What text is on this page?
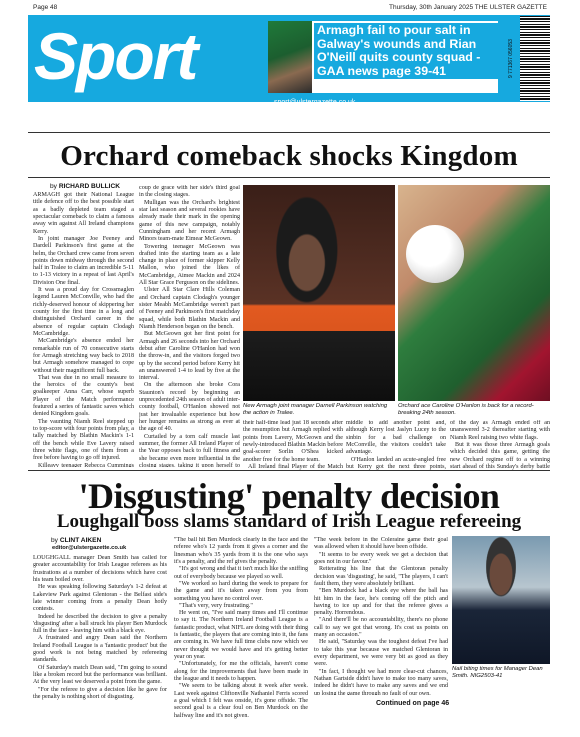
Page 48	Thursday, 30th January 2025 THE ULSTER GAZETTE
Sport	Armagh fail to pour salt in Galway's wounds and Rian O'Neill quits county squad - GAA news page 39-41
sport@ulstergazette.co.uk
9 771367 056053
Orchard comeback shocks Kingdom
by RICHARD BULLICK

ARMAGH got their National League title defence off to the best possible start as a badly depleted team staged a spectacular comeback to claim a famous away win against All Ireland champions Kerry.

In joint manager Joe Feeney and Dardell Parkinson's first game at the helm, the Orchard crew came from seven points down midway through the second half in Tralee to claim an incredible 5-11 to 1-13 victory in a repeat of last April's Division One final.

It was a proud day for Crossmaglen legend Lauren McConville, who had the richly-deserved honour of skippering her county for the first time in a long and distinguished Orchard career in the absence of regular captain Clodagh McCambridge.

McCambridge's absence ended her remarkable run of 70 consecutive starts for Armagh stretching way back to 2018 but Armagh somehow managed to cope without their magnificent full back.

That was due in no small measure to the heroics of the county's best goalkeeper Anna Carr, whose superb Player of the Match performance featured a series of fantastic saves which denied Kingdom goals.

The vaunting Niamh Reel stepped up to top-score with four points from play, a tally matched by Blathin Mackin's 1-1 off the bench while Eve Lavery raised three white flags, one of them from a free before having to go off injured.

Killeavy teenager Rebecca Cummings

coup de grace with her side's third goal in the closing stages.

Mulligan was the Orchard's brightest star last season and several rookies have already made their mark in the opening game of this new campaign, notably Cunningham and her recent Armagh Minors team-mate Eimear McGeown.

Towering teenager McGeown was drafted into the starting team as a late change in place of former skipper Kelly Mallon, who joined the likes of McCambridge, Aimee Mackin and 2024 All Star Grace Ferguson on the sidelines.

Ulster All Star Clare Hills Coleman and Orchard captain Clodagh's younger sister Meabh McCambridge weren't part of Feeney and Parkinson's first matchday squad, while both Blathin Mackin and Niamh Henderson began on the bench.

But McGeown got her first point for Armagh and 26 seconds into her Orchard debut after Caroline O'Hanlon had won the throw-in, and the visitors forged two up by the second period before Kerry hit an unanswered 1-4 to lead by five at the interval.

On the afternoon she broke Cora Staunton's record by beginning an unprecedented 24th season of adult inter-county football, O'Hanlon showed not just her invaluable experience but how her hunger remains as strong as ever at the age of 40.

Curtailed by a torn calf muscle last summer, the former All Ireland Player of the Year opposes back to full fitness and she became even more influential in the closing stages, taking it upon herself to

New Armagh joint manager Darnell Parkinson watching the action in Tralee.
Orchard ace Caroline O'Hanlon is back for a record-breaking 24th season.

their half-time lead just 18 seconds after the resumption but Armagh replied with points from Lavery, McGeown and the newly-introduced Blathin Mackin before goal-scorer Sorlin O'Shea kicked another free for the home team.

All Ireland final Player of the Match

middle to add another point and, although Kerry lost Jaslyn Lucey to the sinbin for a bad challenge on McConville, the visitors couldn't take advantage.

O'Hanlon landed an acute-angled free but Kerry got the next three points,

of the day as Armagh ended off an unanswered 3-2 thereafter starting with Niamh Reel raising two white flags.

But it was those three Armagh goals which decided this game, getting the new Orchard regime off to a winning start ahead of this Sunday's derby battle

'Disgusting' penalty decision
Loughgall boss slams standard of Irish League refereeing
by CLINT AIKEN
editor@ulstergazette.co.uk

LOUGHGALL manager Dean Smith has called for greater accountability for Irish League referees as his frustrations at a number of decisions which have cost his team boiled over.

He was speaking following Saturday's 1-2 defeat at Lakeview Park against Glentoran - the Belfast side's late winner coming from a penalty Dean hotly contests.

Indeed he described the decision to give a penalty 'disgusting' after a ball struck his player Ben Murdock full in the face - leaving him with a black eye.

A frustrated and angry Dean said the Northern Ireland Football League is a 'fantastic product' but the good work is not being matched by refereeing standards.

Of Saturday's match Dean said, "I'm going to sound like a broken record but the performance was brilliant. At the very least we deserved a point from the game.

"For the referee to give a decision like he gave for the penalty is nothing short of disgusting.

"The ball hit Ben Murdock clearly in the face and the referee who's 12 yards from it gives a corner and the linesman who's 35 yards from it is the one who says it's a penalty, and the ref gives the penalty.

"It's got wrong and that it isn't much like the sniffing out of everybody because we played so well.

"We worked so hard during the week to prepare for the game and it's taken away from you from something you have no control over.

"That's very, very frustrating."

He went on, "I've said many times and I'll continue to say it. The Northern Ireland Football League is a fantastic product, what NIFL are doing with their thing is fantastic, the players that are coming into it, the fans are coming in. We have full time clubs now which we never thought we would have and it's getting better year on year.

"Unfortunately, for me the officials, haven't come along for the improvements that have been made in the league and it needs to happen.

"We seem to be talking about it week after week. Last week against Cliftonville Nathaniel Ferris scored a goal which I felt was onside, it's gone offside. The second goal is a clear foul on Ben Murdock on the halfway line and it's not given.

"The week before in the Coleraine game their goal was allowed when it should have been offside.

"It seems to be every week we get a decision that goes not in our favour."

Reiterating his line that the Glentoran penalty decision was 'disgusting', he said, "The players, I can't fault them, they were absolutely brilliant.

"Ben Murdock had a black eye where the ball has hit him in the face, he's coming off the pitch and having to ice up and for that the referee gives a penalty. Horrendous.

"And there'll be no accountability, there's no phone call to say we got that wrong. It's cost us points on many an occasion."

He said, "Saturday was the toughest defeat I've had to take this year because we matched Glentoran in every department, we were very bit as good as they were.

"In fact, I thought we had more clear-cut chances, Nathan Gartside didn't have to make too many saves, indeed he didn't have to make any saves and we end up losing the game through no fault of our own.

Nail biting times for Manager Dean Smith. NIG2503-41
Continued on page 46
